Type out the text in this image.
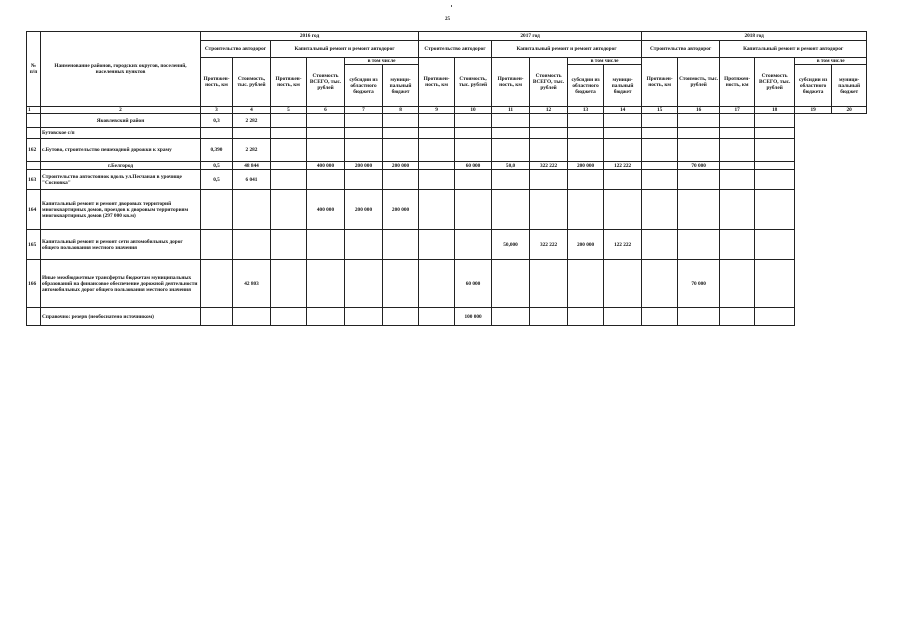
25
№ п/п	Наименование районов, городских округов, поселений, населенных пунктов	2016 год						2017 год						2018 год					
		Строительство автодорог		Капитальный ремонт и ремонт автодорог				Строительство автодорог		Капитальный ремонт и ремонт автодорог				Строительство автодорог		Капитальный ремонт и ремонт автодорог			
		Протяжен-ность, км	Стоимость, тыс. рублей	Протяжен-ность, км	Стоимость ВСЕГО, тыс. рублей	в том числе		Протяжен-ность, км	Стоимость, тыс. рублей	Протяжен-ность, км	Стоимость ВСЕГО, тыс. рублей	в том числе		Протяжен-ность, км	Стоимость, тыс. рублей	Протяжен-ность, км	Стоимость ВСЕГО, тыс. рублей	в том числе	
						субсидии из областного бюджета	муници-пальный бюджет					субсидии из областного бюджета	муници-пальный бюджет					субсидии из областного бюджета	муници-пальный бюджет
1	2	3	4	5	6	7	8	9	10	11	12	13	14	15	16	17	18	19	20
	Яковлевский район	0,3	2 282																
	Бутовское с/п																		
162	с.Бутово, строительство пешеходной дорожки к храму	0,390	2 282																
	г.Белгород	0,5	48 844		400 000	200 000	200 000		60 000	50,0	322 222	200 000	122 222		70 000				
163	Строительство автостоянок вдоль ул.Песчаная в урочище "Сосновка"	0,5	6 041																
164	Капитальный ремонт и ремонт дворовых территорий многоквартирных домов, проездов к дворовым территориям многоквартирных домов (297 000 кв.м)				400 000	200 000	200 000												
165	Капитальный ремонт и ремонт сети автомобильных дорог общего пользования местного значения									50,000	322 222	200 000	122 222						
166	Иные межбюджетные трансферты бюджетам муниципальных образований на финансовое обеспечение дорожной деятельности автомобильных дорог общего пользования местного значения		42 803						60 000						70 000				
	Справочно: резерв (необоснатено источником)								100 000										
